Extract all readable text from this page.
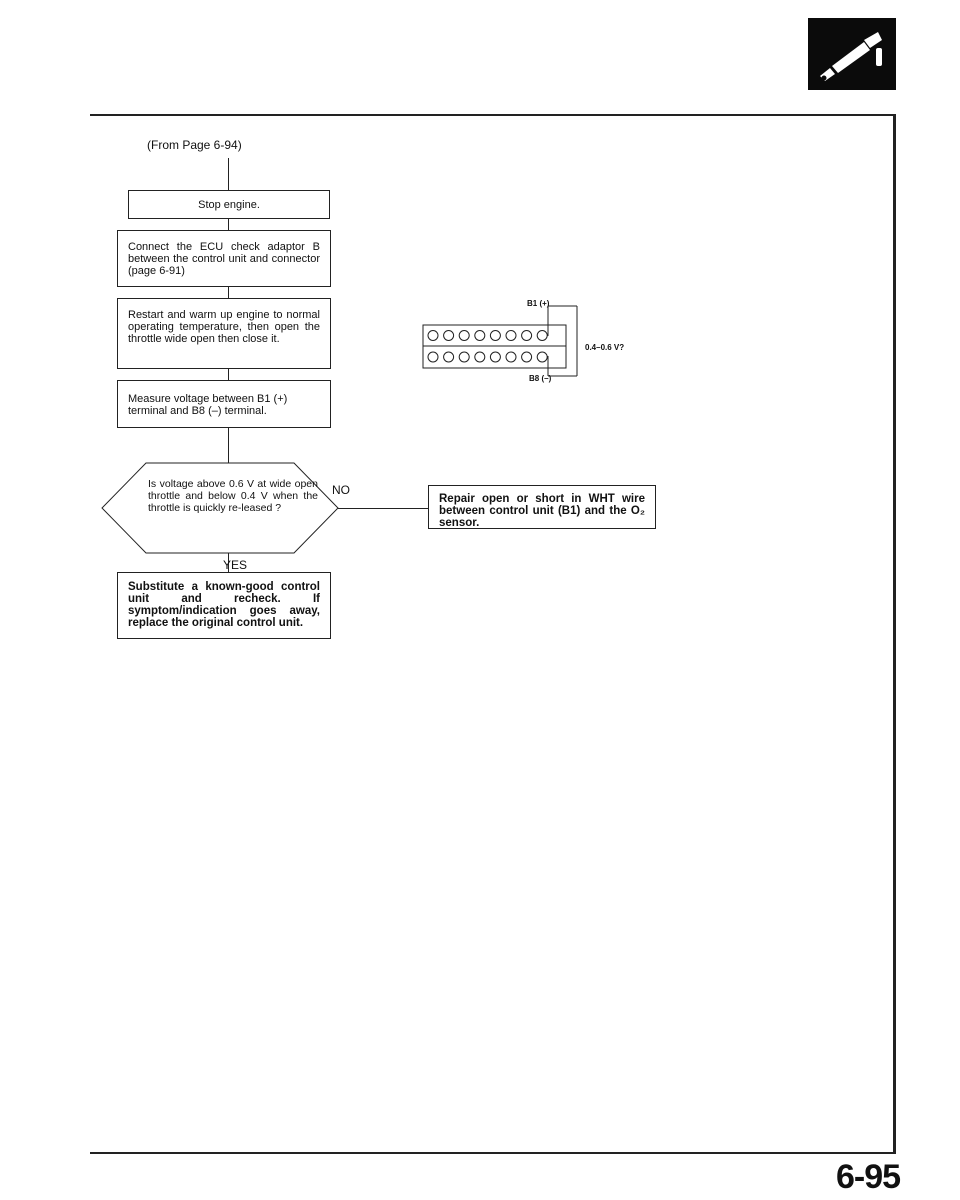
(From Page 6-94)
Stop engine.
Connect the ECU check adaptor B between the control unit and connector (page 6-91)
Restart and warm up engine to normal operating temperature, then open the throttle wide open then close it.
Measure voltage between B1 (+) terminal and B8 (–) terminal.
Is voltage above 0.6 V at wide open throttle and below 0.4 V when the throttle is quickly re-leased ?
NO
YES
Substitute a known-good control unit and recheck. If symptom/indication goes away, replace the original control unit.
Repair open or short in WHT wire between control unit (B1) and the O₂ sensor.
B1 (+)
B8 (–)
0.4–0.6 V?
6-95
